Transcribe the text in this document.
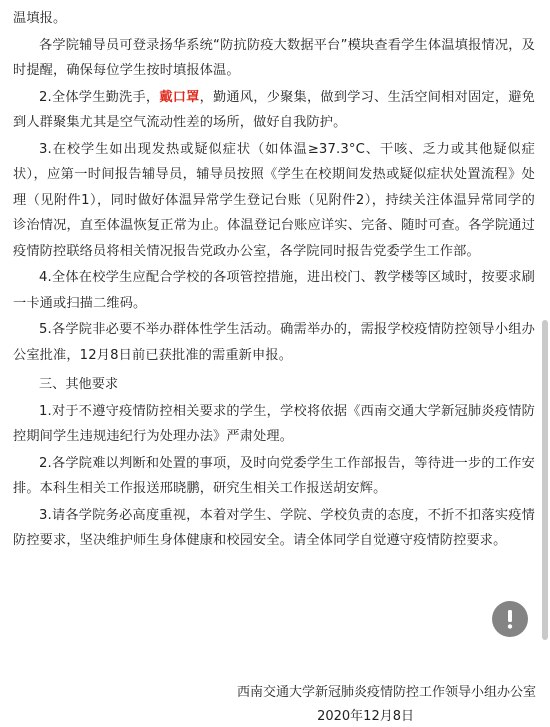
温填报。
各学院辅导员可登录扬华系统“防抗防疫大数据平台”模块查看学生体温填报情况，及时提醒，确保每位学生按时填报体温。
2.全体学生勤洗手，戴口罩，勤通风，少聚集，做到学习、生活空间相对固定，避免到人群聚集尤其是空气流动性差的场所，做好自我防护。
3.在校学生如出现发热或疑似症状（如体温≥37.3°C、干咳、乏力或其他疑似症状），应第一时间报告辅导员，辅导员按照《学生在校期间发热或疑似症状处置流程》处理（见附件1），同时做好体温异常学生登记台账（见附件2），持续关注体温异常同学的诊治情况，直至体温恢复正常为止。体温登记台账应详实、完备、随时可查。各学院通过疫情防控联络员将相关情况报告党政办公室，各学院同时报告党委学生工作部。
4.全体在校学生应配合学校的各项管控措施，进出校门、教学楼等区域时，按要求刷一卡通或扫描二维码。
5.各学院非必要不举办群体性学生活动。确需举办的，需报学校疫情防控领导小组办公室批准，12月8日前已获批准的需重新申报。
三、其他要求
1.对于不遵守疫情防控相关要求的学生，学校将依据《西南交通大学新冠肺炎疫情防控期间学生违规违纪行为处理办法》严肃处理。
2.各学院难以判断和处置的事项，及时向党委学生工作部报告，等待进一步的工作安排。本科生相关工作报送邢晓鹏，研究生相关工作报送胡安辉。
3.请各学院务必高度重视，本着对学生、学院、学校负责的态度，不折不扣落实疫情防控要求，坚决维护师生身体健康和校园安全。请全体同学自觉遵守疫情防控要求。
西南交通大学新冠肺炎疫情防控工作领导小组办公室
2020年12月8日
